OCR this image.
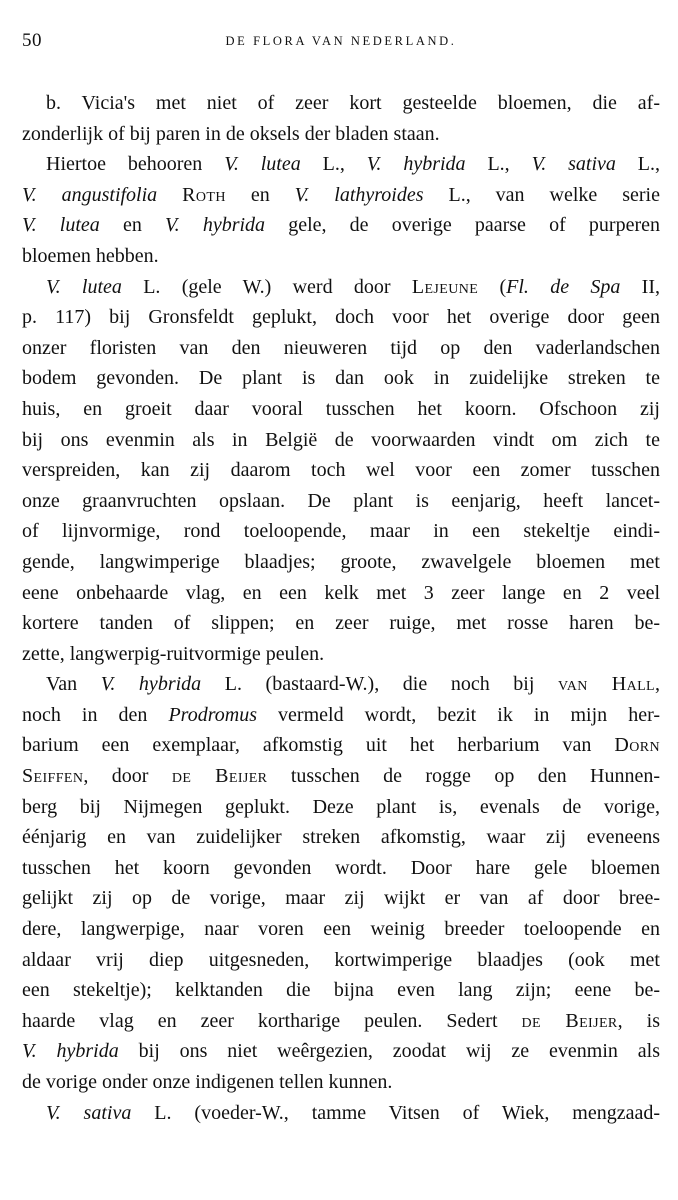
50	DE FLORA VAN NEDERLAND.
b. Vicia's met niet of zeer kort gesteelde bloemen, die af-
zonderlijk of bij paren in de oksels der bladen staan.
Hiertoe behooren V. lutea L., V. hybrida L., V. sativa L.,
V. angustifolia Roth en V. lathyroides L., van welke serie
V. lutea en V. hybrida gele, de overige paarse of purperen
bloemen hebben.
V. lutea L. (gele W.) werd door Lejeune (Fl. de Spa II,
p. 117) bij Gronsfeldt geplukt, doch voor het overige door geen
onzer floristen van den nieuweren tijd op den vaderlandschen
bodem gevonden. De plant is dan ook in zuidelijke streken te
huis, en groeit daar vooral tusschen het koorn. Ofschoon zij
bij ons evenmin als in België de voorwaarden vindt om zich te
verspreiden, kan zij daarom toch wel voor een zomer tusschen
onze graanvruchten opslaan. De plant is eenjarig, heeft lancet-
of lijnvormige, rond toeloopende, maar in een stekeltje eindi-
gende, langwimperige blaadjes; groote, zwavelgele bloemen met
eene onbehaarde vlag, en een kelk met 3 zeer lange en 2 veel
kortere tanden of slippen; en zeer ruige, met rosse haren be-
zette, langwerpig-ruitvormige peulen.
Van V. hybrida L. (bastaard-W.), die noch bij van Hall,
noch in den Prodromus vermeld wordt, bezit ik in mijn her-
barium een exemplaar, afkomstig uit het herbarium van Dorn
Seiffen, door de Beijer tusschen de rogge op den Hunnen-
berg bij Nijmegen geplukt. Deze plant is, evenals de vorige,
éénjarig en van zuidelijker streken afkomstig, waar zij eveneens
tusschen het koorn gevonden wordt. Door hare gele bloemen
gelijkt zij op de vorige, maar zij wijkt er van af door bree-
dere, langwerpige, naar voren een weinig breeder toeloopende en
aldaar vrij diep uitgesneden, kortwimperige blaadjes (ook met
een stekeltje); kelktanden die bijna even lang zijn; eene be-
haarde vlag en zeer kortharige peulen. Sedert de Beijer, is
V. hybrida bij ons niet weêrgezien, zoodat wij ze evenmin als
de vorige onder onze indigenen tellen kunnen.
V. sativa L. (voeder-W., tamme Vitsen of Wiek, mengzaad-
